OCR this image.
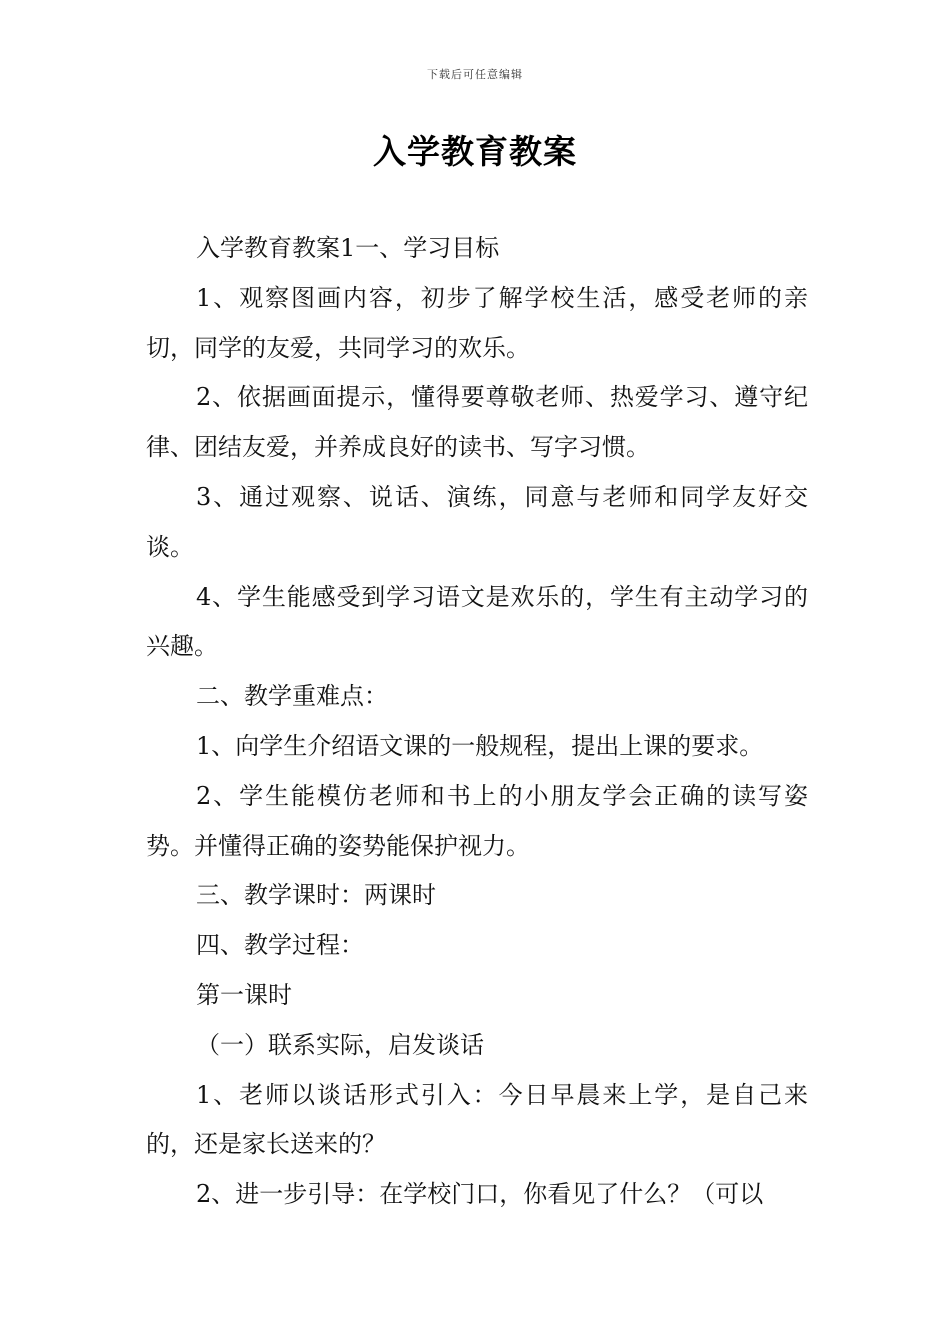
下载后可任意编辑
入学教育教案

入学教育教案1一、学习目标

1、观察图画内容，初步了解学校生活，感受老师的亲切，同学的友爱，共同学习的欢乐。

2、依据画面提示，懂得要尊敬老师、热爱学习、遵守纪律、团结友爱，并养成良好的读书、写字习惯。

3、通过观察、说话、演练，同意与老师和同学友好交谈。

4、学生能感受到学习语文是欢乐的，学生有主动学习的兴趣。

二、教学重难点：

1、向学生介绍语文课的一般规程，提出上课的要求。

2、学生能模仿老师和书上的小朋友学会正确的读写姿势。并懂得正确的姿势能保护视力。

三、教学课时：两课时

四、教学过程：

第一课时

（一）联系实际，启发谈话

1、老师以谈话形式引入：今日早晨来上学，是自己来的，还是家长送来的？

2、进一步引导：在学校门口，你看见了什么？（可以
